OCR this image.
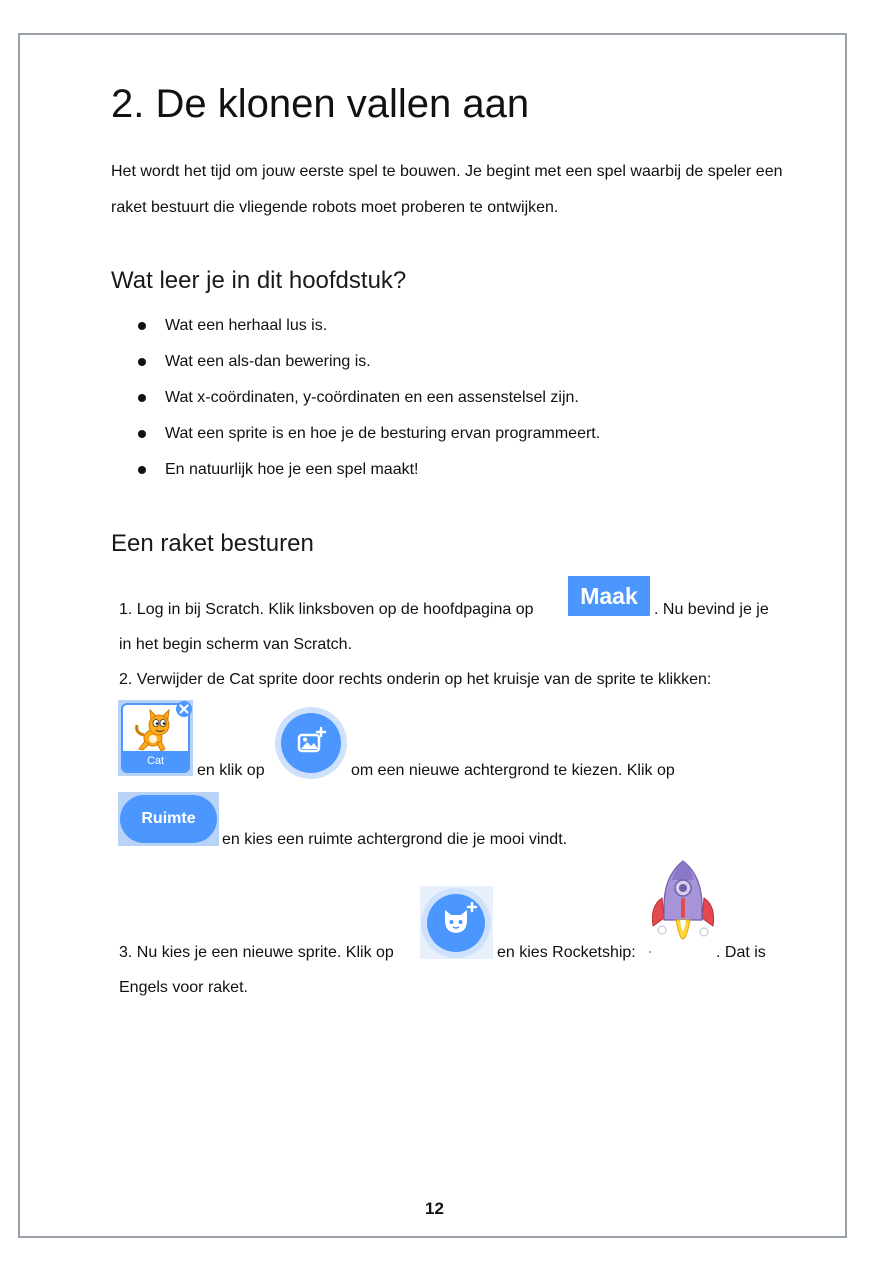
2. De klonen vallen aan

Het wordt het tijd om jouw eerste spel te bouwen. Je begint met een spel waarbij de speler een raket bestuurt die vliegende robots moet proberen te ontwijken.

Wat leer je in dit hoofdstuk?
Wat een herhaal lus is.
Wat een als-dan bewering is.
Wat x-coördinaten, y-coördinaten en een assenstelsel zijn.
Wat een sprite is en hoe je de besturing ervan programmeert.
En natuurlijk hoe je een spel maakt!
Een raket besturen
1. Log in bij Scratch. Klik linksboven op de hoofdpagina op
Maak
. Nu bevind je je
in het begin scherm van Scratch.
2. Verwijder de Cat sprite door rechts onderin op het kruisje van de sprite te klikken:
Cat
en klik op	om een nieuwe achtergrond te kiezen. Klik op
Ruimte
en kies een ruimte achtergrond die je mooi vindt.
3. Nu kies je een nieuwe sprite. Klik op	en kies Rocketship:	. Dat is
Engels voor raket.
12
